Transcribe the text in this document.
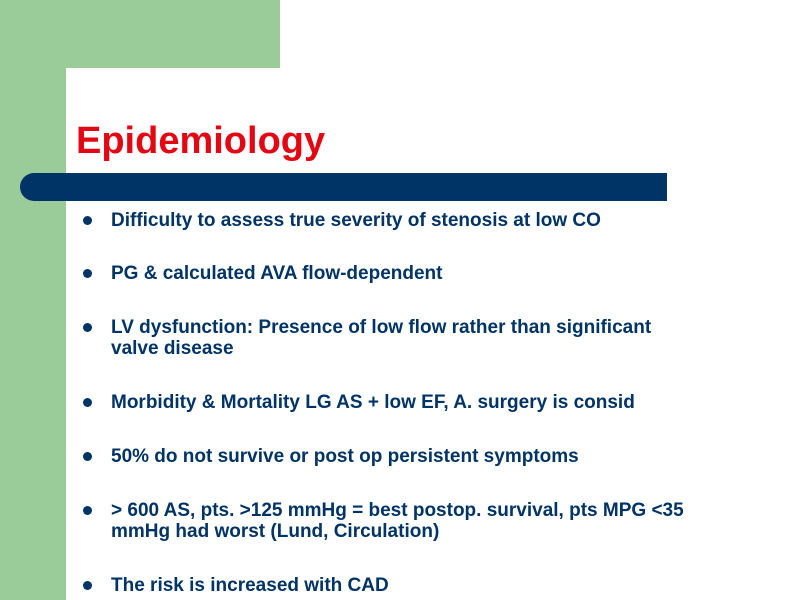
Epidemiology
Difficulty to assess true severity of stenosis at low CO
PG & calculated AVA flow-dependent
LV dysfunction: Presence of low flow rather than significant valve disease
Morbidity & Mortality LG AS + low EF, A. surgery is consid
50% do not survive or post op persistent symptoms
> 600 AS, pts. >125 mmHg = best postop. survival, pts MPG <35 mmHg had worst (Lund, Circulation)
The risk is increased with CAD
